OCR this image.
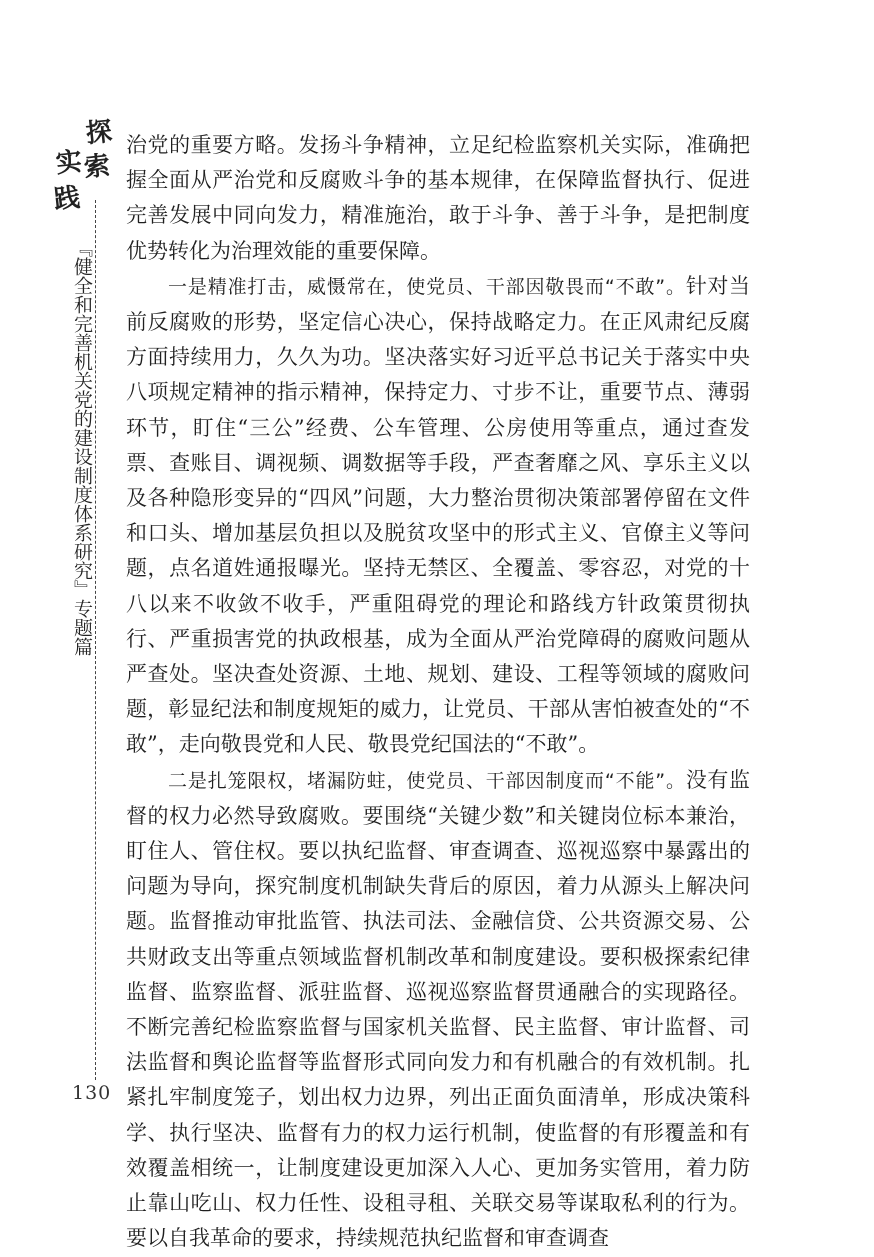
探
索
实
践
『健全和完善机关党的建设制度体系研究』专题篇
130

治党的重要方略。发扬斗争精神，立足纪检监察机关实际，准确把握全面从严治党和反腐败斗争的基本规律，在保障监督执行、促进完善发展中同向发力，精准施治，敢于斗争、善于斗争，是把制度优势转化为治理效能的重要保障。

一是精准打击，威慑常在，使党员、干部因敬畏而“不敢”。针对当前反腐败的形势，坚定信心决心，保持战略定力。在正风肃纪反腐方面持续用力，久久为功。坚决落实好习近平总书记关于落实中央八项规定精神的指示精神，保持定力、寸步不让，重要节点、薄弱环节，盯住“三公”经费、公车管理、公房使用等重点，通过查发票、查账目、调视频、调数据等手段，严查奢靡之风、享乐主义以及各种隐形变异的“四风”问题，大力整治贯彻决策部署停留在文件和口头、增加基层负担以及脱贫攻坚中的形式主义、官僚主义等问题，点名道姓通报曝光。坚持无禁区、全覆盖、零容忍，对党的十八以来不收敛不收手，严重阻碍党的理论和路线方针政策贯彻执行、严重损害党的执政根基，成为全面从严治党障碍的腐败问题从严查处。坚决查处资源、土地、规划、建设、工程等领域的腐败问题，彰显纪法和制度规矩的威力，让党员、干部从害怕被查处的“不敢”，走向敬畏党和人民、敬畏党纪国法的“不敢”。

二是扎笼限权，堵漏防蛀，使党员、干部因制度而“不能”。没有监督的权力必然导致腐败。要围绕“关键少数”和关键岗位标本兼治，盯住人、管住权。要以执纪监督、审查调查、巡视巡察中暴露出的问题为导向，探究制度机制缺失背后的原因，着力从源头上解决问题。监督推动审批监管、执法司法、金融信贷、公共资源交易、公共财政支出等重点领域监督机制改革和制度建设。要积极探索纪律监督、监察监督、派驻监督、巡视巡察监督贯通融合的实现路径。不断完善纪检监察监督与国家机关监督、民主监督、审计监督、司法监督和舆论监督等监督形式同向发力和有机融合的有效机制。扎紧扎牢制度笼子，划出权力边界，列出正面负面清单，形成决策科学、执行坚决、监督有力的权力运行机制，使监督的有形覆盖和有效覆盖相统一，让制度建设更加深入人心、更加务实管用，着力防止靠山吃山、权力任性、设租寻租、关联交易等谋取私利的行为。要以自我革命的要求，持续规范执纪监督和审查调查
